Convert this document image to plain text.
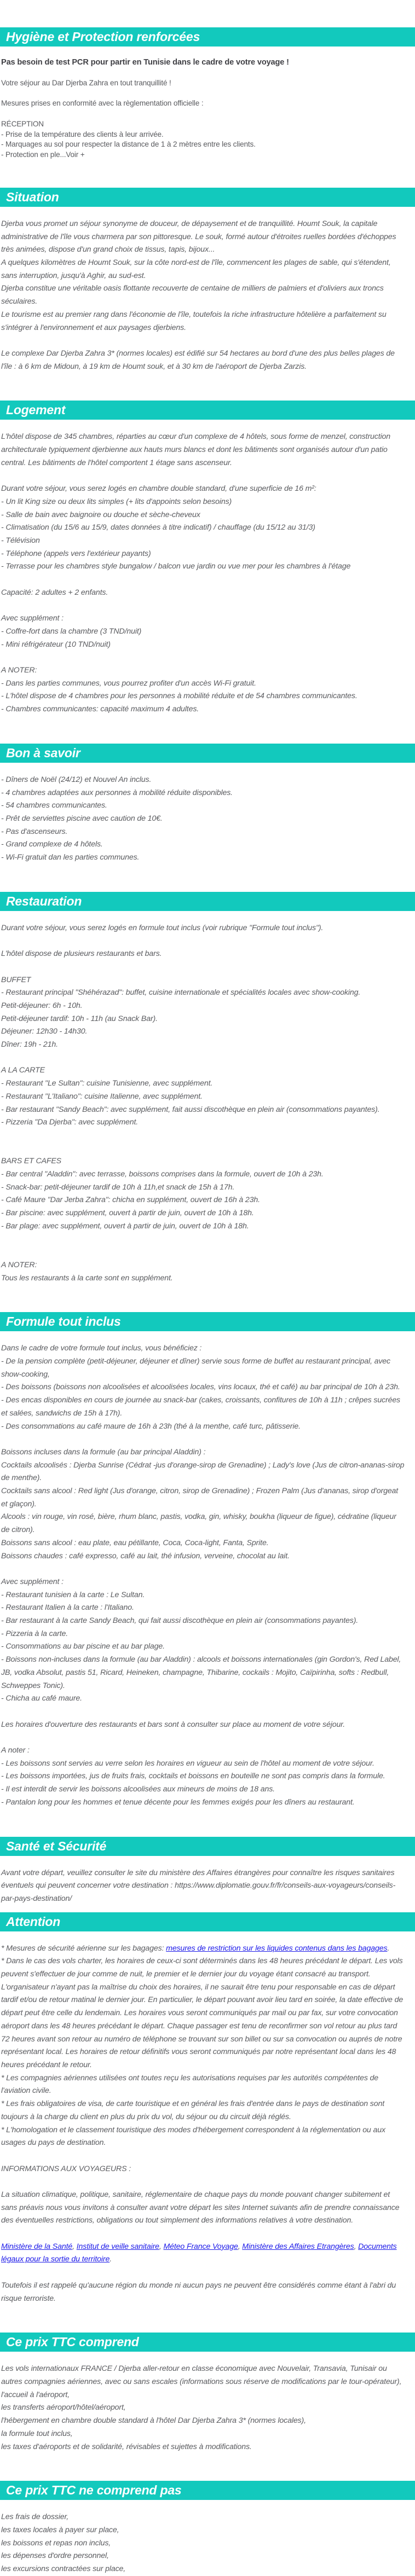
Hygiène et Protection renforcées

Pas besoin de test PCR pour partir en Tunisie dans le cadre de votre voyage !

Votre séjour au Dar Djerba Zahra en tout tranquillité !

Mesures prises en conformité avec la règlementation officielle :

RÉCEPTION

- Prise de la température des clients à leur arrivée.

- Marquages au sol pour respecter la distance de 1 à 2 mètres entre les clients.

- Protection en ple...Voir +

Situation

Djerba vous promet un séjour synonyme de douceur, de dépaysement et de tranquillité. Houmt Souk, la capitale administrative de l'île vous charmera par son pittoresque. Le souk, formé autour d'étroites ruelles bordées d'échoppes très animées, dispose d'un grand choix de tissus, tapis, bijoux...

A quelques kilomètres de Houmt Souk, sur la côte nord-est de l'île, commencent les plages de sable, qui s'étendent, sans interruption, jusqu'à Aghir, au sud-est.

Djerba constitue une véritable oasis flottante recouverte de centaine de milliers de palmiers et d'oliviers aux troncs séculaires.

Le tourisme est au premier rang dans l'économie de l'île, toutefois la riche infrastructure hôtelière a parfaitement su s'intégrer à l'environnement et aux paysages djerbiens.

Le complexe Dar Djerba Zahra 3* (normes locales) est édifié sur 54 hectares au bord d'une des plus belles plages de l'île : à 6 km de Midoun, à 19 km de Houmt souk, et à 30 km de l'aéroport de Djerba Zarzis.

Logement

L'hôtel dispose de 345 chambres, réparties au cœur d'un complexe de 4 hôtels, sous forme de menzel, construction architecturale typiquement djerbienne aux hauts murs blancs et dont les bâtiments sont organisés autour d'un patio central. Les bâtiments de l'hôtel comportent 1 étage sans ascenseur.

Durant votre séjour, vous serez logés en chambre double standard, d'une superficie de 16 m²:

- Un lit King size ou deux lits simples (+ lits d'appoints selon besoins)

- Salle de bain avec baignoire ou douche et sèche-cheveux

- Climatisation (du 15/6 au 15/9, dates données à titre indicatif) / chauffage (du 15/12 au 31/3)

- Télévision

- Téléphone (appels vers l'extérieur payants)

- Terrasse pour les chambres style bungalow / balcon vue jardin ou vue mer pour les chambres à l'étage

Capacité: 2 adultes + 2 enfants.

Avec supplément :

- Coffre-fort dans la chambre (3 TND/nuit)

- Mini réfrigérateur (10 TND/nuit)

A NOTER:

- Dans les parties communes, vous pourrez profiter d'un accès Wi-Fi gratuit.

- L'hôtel dispose de 4 chambres pour les personnes à mobilité réduite et de 54 chambres communicantes.

- Chambres communicantes: capacité maximum 4 adultes.

Bon à savoir

- Dîners de Noël (24/12) et Nouvel An inclus.

- 4 chambres adaptées aux personnes à mobilité réduite disponibles.

- 54 chambres communicantes.

- Prêt de serviettes piscine avec caution de 10€.

- Pas d'ascenseurs.

- Grand complexe de 4 hôtels.

- Wi-Fi gratuit dan les parties communes.

Restauration

Durant votre séjour, vous serez logés en formule tout inclus (voir rubrique "Formule tout inclus").

L'hôtel dispose de plusieurs restaurants et bars.

BUFFET

- Restaurant principal "Shéhérazad": buffet, cuisine internationale et spécialités locales avec show-cooking.

Petit-déjeuner: 6h - 10h.

Petit-déjeuner tardif: 10h - 11h (au Snack Bar).

Déjeuner: 12h30 - 14h30.

Dîner: 19h - 21h.

A LA CARTE

- Restaurant "Le Sultan": cuisine Tunisienne, avec supplément.

- Restaurant "L'Italiano": cuisine Italienne, avec supplément.

- Bar restaurant "Sandy Beach": avec supplément, fait aussi discothèque en plein air (consommations payantes).

- Pizzeria "Da Djerba": avec supplément.

BARS ET CAFES

- Bar central "Aladdin": avec terrasse, boissons comprises dans la formule, ouvert de 10h à 23h.

- Snack-bar: petit-déjeuner tardif de 10h à 11h,et snack de 15h à 17h.

- Café Maure "Dar Jerba Zahra": chicha en supplément, ouvert de 16h à 23h.

- Bar piscine: avec supplément, ouvert à partir de juin, ouvert de 10h à 18h.

- Bar plage: avec supplément, ouvert à partir de juin, ouvert de 10h à 18h.

A NOTER:

Tous les restaurants à la carte sont en supplément.

Formule tout inclus

Dans le cadre de votre formule tout inclus, vous bénéficiez :

- De la pension complète (petit-déjeuner, déjeuner et dîner) servie sous forme de buffet au restaurant principal, avec show-cooking,

- Des boissons (boissons non alcoolisées et alcoolisées locales, vins locaux, thé et café) au bar principal de 10h à 23h.

- Des encas disponibles en cours de journée au snack-bar (cakes, croissants, confitures de 10h à 11h ; crêpes sucrées et salées, sandwichs de 15h à 17h).

- Des consommations au café maure de 16h à 23h (thé à la menthe, café turc, pâtisserie.

Boissons incluses dans la formule (au bar principal Aladdin) :

Cocktails alcoolisés : Djerba Sunrise (Cédrat -jus d'orange-sirop de Grenadine) ; Lady's love (Jus de citron-ananas-sirop de menthe).

Cocktails sans alcool : Red light (Jus d'orange, citron, sirop de Grenadine) ; Frozen Palm (Jus d'ananas, sirop d'orgeat et glaçon).

Alcools : vin rouge, vin rosé, bière, rhum blanc, pastis, vodka, gin, whisky, boukha (liqueur de figue), cédratine (liqueur de citron).

Boissons sans alcool : eau plate, eau pétillante, Coca, Coca-light, Fanta, Sprite.

Boissons chaudes : café expresso, café au lait, thé infusion, verveine, chocolat au lait.

Avec supplément :

- Restaurant tunisien à la carte : Le Sultan.

- Restaurant Italien à la carte : l'Italiano.

- Bar restaurant à la carte Sandy Beach, qui fait aussi discothèque en plein air (consommations payantes).

- Pizzeria à la carte.

- Consommations au bar piscine et au bar plage.

- Boissons non-incluses dans la formule (au bar Aladdin) : alcools et boissons internationales (gin Gordon's, Red Label, JB, vodka Absolut, pastis 51, Ricard, Heineken, champagne, Thibarine, cockails : Mojito, Caïpirinha, softs : Redbull, Schweppes Tonic).

- Chicha au café maure.

Les horaires d'ouverture des restaurants et bars sont à consulter sur place au moment de votre séjour.

A noter :

- Les boissons sont servies au verre selon les horaires en vigueur au sein de l'hôtel au moment de votre séjour.

- Les boissons importées, jus de fruits frais, cocktails et boissons en bouteille ne sont pas compris dans la formule.

- Il est interdit de servir les boissons alcoolisées aux mineurs de moins de 18 ans.

- Pantalon long pour les hommes et tenue décente pour les femmes exigés pour les dîners au restaurant.

Santé et Sécurité

Avant votre départ, veuillez consulter le site du ministère des Affaires étrangères pour connaître les risques sanitaires éventuels qui peuvent concerner votre destination : https://www.diplomatie.gouv.fr/fr/conseils-aux-voyageurs/conseils-par-pays-destination/

Attention

* Mesures de sécurité aérienne sur les bagages: mesures de restriction sur les liquides contenus dans les bagages.

* Dans le cas des vols charter, les horaires de ceux-ci sont déterminés dans les 48 heures précédant le départ. Les vols peuvent s'effectuer de jour comme de nuit, le premier et le dernier jour du voyage étant consacré au transport. L'organisateur n'ayant pas la maîtrise du choix des horaires, il ne saurait être tenu pour responsable en cas de départ tardif et/ou de retour matinal le dernier jour. En particulier, le départ pouvant avoir lieu tard en soirée, la date effective de départ peut être celle du lendemain. Les horaires vous seront communiqués par mail ou par fax, sur votre convocation aéroport dans les 48 heures précédant le départ. Chaque passager est tenu de reconfirmer son vol retour au plus tard 72 heures avant son retour au numéro de téléphone se trouvant sur son billet ou sur sa convocation ou auprés de notre représentant local. Les horaires de retour définitifs vous seront communiqués par notre représentant local dans les 48 heures précédant le retour.

* Les compagnies aériennes utilisées ont toutes reçu les autorisations requises par les autorités compétentes de l'aviation civile.

* Les frais obligatoires de visa, de carte touristique et en général les frais d'entrée dans le pays de destination sont toujours à la charge du client en plus du prix du vol, du séjour ou du circuit déjà réglés.

* L'homologation et le classement touristique des modes d'hébergement correspondent à la réglementation ou aux usages du pays de destination.

INFORMATIONS AUX VOYAGEURS :

La situation climatique, politique, sanitaire, réglementaire de chaque pays du monde pouvant changer subitement et sans préavis nous vous invitons à consulter avant votre départ les sites Internet suivants afin de prendre connaissance des éventuelles restrictions, obligations ou tout simplement des informations relatives à votre destination.

Ministère de la Santé, Institut de veille sanitaire, Méteo France Voyage, Ministère des Affaires Etrangères, Documents légaux pour la sortie du territoire.

Toutefois il est rappelé qu'aucune région du monde ni aucun pays ne peuvent être considérés comme étant à l'abri du risque terroriste.

Ce prix TTC comprend

Les vols internationaux FRANCE / Djerba aller-retour en classe économique avec Nouvelair, Transavia, Tunisair ou autres compagnies aériennes, avec ou sans escales (informations sous réserve de modifications par le tour-opérateur),

l'accueil à l'aéroport,

les transferts aéroport/hôtel/aéroport,

l'hébergement en chambre double standard à l'hôtel Dar Djerba Zahra 3* (normes locales),

la formule tout inclus,

les taxes d'aéroports et de solidarité, révisables et sujettes à modifications.

Ce prix TTC ne comprend pas

Les frais de dossier,

les taxes locales à payer sur place,

les boissons et repas non inclus,

les dépenses d'ordre personnel,

les excursions contractées sur place,
